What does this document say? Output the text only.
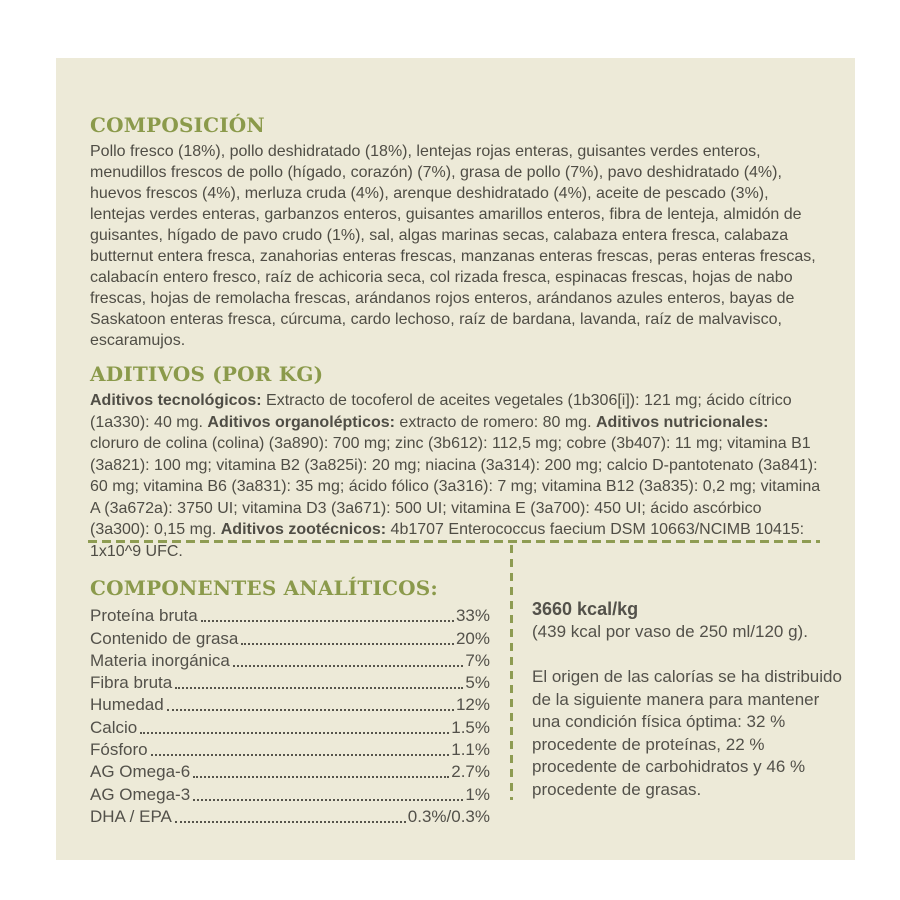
COMPOSICIÓN

Pollo fresco (18%), pollo deshidratado (18%), lentejas rojas enteras, guisantes verdes enteros, menudillos frescos de pollo (hígado, corazón) (7%), grasa de pollo (7%), pavo deshidratado (4%), huevos frescos (4%), merluza cruda (4%), arenque deshidratado (4%), aceite de pescado (3%), lentejas verdes enteras, garbanzos enteros, guisantes amarillos enteros, fibra de lenteja, almidón de guisantes, hígado de pavo crudo (1%), sal, algas marinas secas, calabaza entera fresca, calabaza butternut entera fresca, zanahorias enteras frescas, manzanas enteras frescas, peras enteras frescas, calabacín entero fresco, raíz de achicoria seca, col rizada fresca, espinacas frescas, hojas de nabo frescas, hojas de remolacha frescas, arándanos rojos enteros, arándanos azules enteros, bayas de Saskatoon enteras fresca, cúrcuma, cardo lechoso, raíz de bardana, lavanda, raíz de malvavisco, escaramujos.

ADITIVOS (POR KG)

Aditivos tecnológicos: Extracto de tocoferol de aceites vegetales (1b306[i]): 121 mg; ácido cítrico (1a330): 40 mg. Aditivos organolépticos: extracto de romero: 80 mg. Aditivos nutricionales: cloruro de colina (colina) (3a890): 700 mg; zinc (3b612): 112,5 mg; cobre (3b407): 11 mg; vitamina B1 (3a821): 100 mg; vitamina B2 (3a825i): 20 mg; niacina (3a314): 200 mg; calcio D-pantotenato (3a841): 60 mg; vitamina B6 (3a831): 35 mg; ácido fólico (3a316): 7 mg; vitamina B12 (3a835): 0,2 mg; vitamina A (3a672a): 3750 UI; vitamina D3 (3a671): 500 UI; vitamina E (3a700): 450 UI; ácido ascórbico (3a300): 0,15 mg. Aditivos zootécnicos: 4b1707 Enterococcus faecium DSM 10663/NCIMB 10415: 1x10^9 UFC.

COMPONENTES ANALÍTICOS:
Proteína bruta	33%
Contenido de grasa	20%
Materia inorgánica	7%
Fibra bruta	5%
Humedad	12%
Calcio	1.5%
Fósforo	1.1%
AG Omega-6	2.7%
AG Omega-3	1%
DHA / EPA	0.3%/0.3%
3660 kcal/kg

(439 kcal por vaso de 250 ml/120 g).

El origen de las calorías se ha distribuido de la siguiente manera para mantener una condición física óptima: 32 % procedente de proteínas, 22 % procedente de carbohidratos y 46 % procedente de grasas.
